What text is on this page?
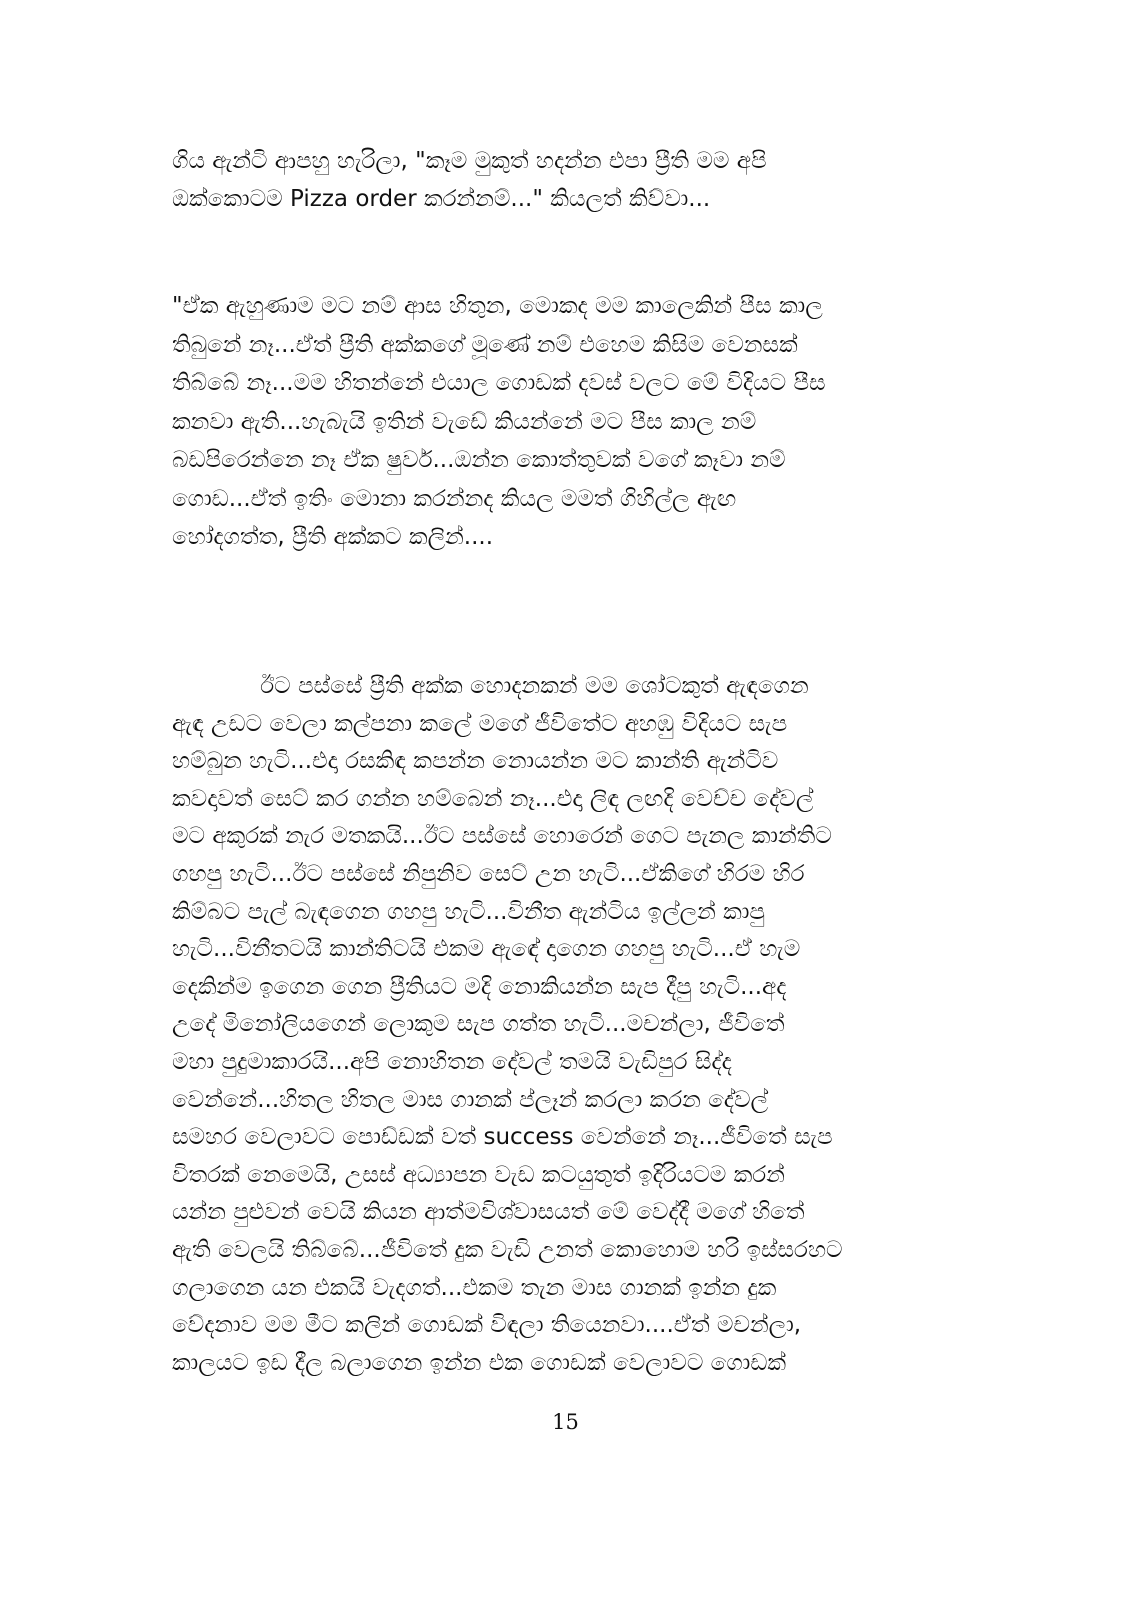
ගිය ඇන්ටි ආපහු හැරිලා, "කෑම මුකුත් හදන්න එපා ප්‍රීති මම අපි
ඔක්කොටම Pizza order කරන්නම්..." කියලත් කිව්වා...
"ඒක ඇහුණාම මට නම් ආස හිතුන, මොකද මම කාලෙකින් පීස කාල
තිබුනේ නෑ...ඒත් ප්‍රීති අක්කගේ මූණේ නම් එහෙම කිසිම වෙනසක්
තිබ්බේ නෑ...මම හිතන්නේ එයාල ගොඩක් දවස් වලට මේ විදියට පීස
කනවා ඇති...හැබැයි ඉතින් වැඩේ කියන්නේ මට පීස කාල නම්
බඩපිරෙන්නෙ නෑ ඒක ෂුවර්...ඔන්න කොත්තුවක් වගේ කෑවා නම්
ගොඩ...ඒත් ඉතිං මොනා කරන්නද කියල මමත් ගිහිල්ල ඇඟ
හෝදගත්ත, ප්‍රීති අක්කට කලින්....
ඊට පස්සේ ප්‍රීති අක්ක හොදනකන් මම ශෝටකුත් ඇඳගෙන
ඇඳ උඩට වෙලා කල්පනා කලේ මගේ ජීවිතේට අහඹු විදියට සැප
හම්බුන හැටි...එදා රසකිඳ කපන්න නොයන්න මට කාන්ති ඇන්ටිව
කවදාවත් සෙට් කර ගන්න හම්බෙන් නෑ...එදා ලිඳ ලඟදි වෙච්ච දේවල්
මට අකුරක් නැර මතකයි...ඊට පස්සේ හොරෙන් ගෙට පැනල කාන්තිට
ගහපු හැටි...ඊට පස්සේ නිපුනිව සෙට් උන හැටි...ඒකිගේ හිරම හිර
කිම්බට පැල් බැඳගෙන ගහපු හැටි...විනීත ඇන්ටිය ඉල්ලන් කාපු
හැටි...විනීතටයි කාන්තිටයි එකම ඇඳේ දාගෙන ගහපු හැටි...ඒ හැම
දෙකින්ම ඉගෙන ගෙන ප්‍රීතියට මදි නොකියන්න සැප දීපු හැටි...අද
උදේ මිනෝලියගෙන් ලොකුම සැප ගත්ත හැටි...මචන්ලා, ජීවිතේ
මහා පුදුමාකාරයි...අපි නොහිතන දේවල් තමයි වැඩිපුර සිද්ද
වෙන්නේ...හිතල හිතල මාස ගානක් ප්ලෑන් කරලා කරන දේවල්
සමහර වෙලාවට පොඩ්ඩක් වත් success වෙන්නේ නෑ...ජීවිතේ සැප
විතරක් නෙමෙයි, උසස් අධ්‍යාපන වැඩ කටයුතුත් ඉදිරියටම කරන්
යන්න පුළුවන් වෙයි කියන ආත්මවිශ්වාසයත් මේ වෙද්දී මගේ හිතේ
ඇති වෙලයි තිබ්බේ...ජීවිතේ දුක වැඩි උනත් කොහොම හරි ඉස්සරහට
ගලාගෙන යන එකයි වැදගත්...එකම තැන මාස ගානක් ඉන්න දුක
වේදනාව මම මීට කලින් ගොඩක් විඳලා තියෙනවා....ඒත් මචන්ලා,
කාලයට ඉඩ දීල බලාගෙන ඉන්න එක ගොඩක් වෙලාවට ගොඩක්
15
